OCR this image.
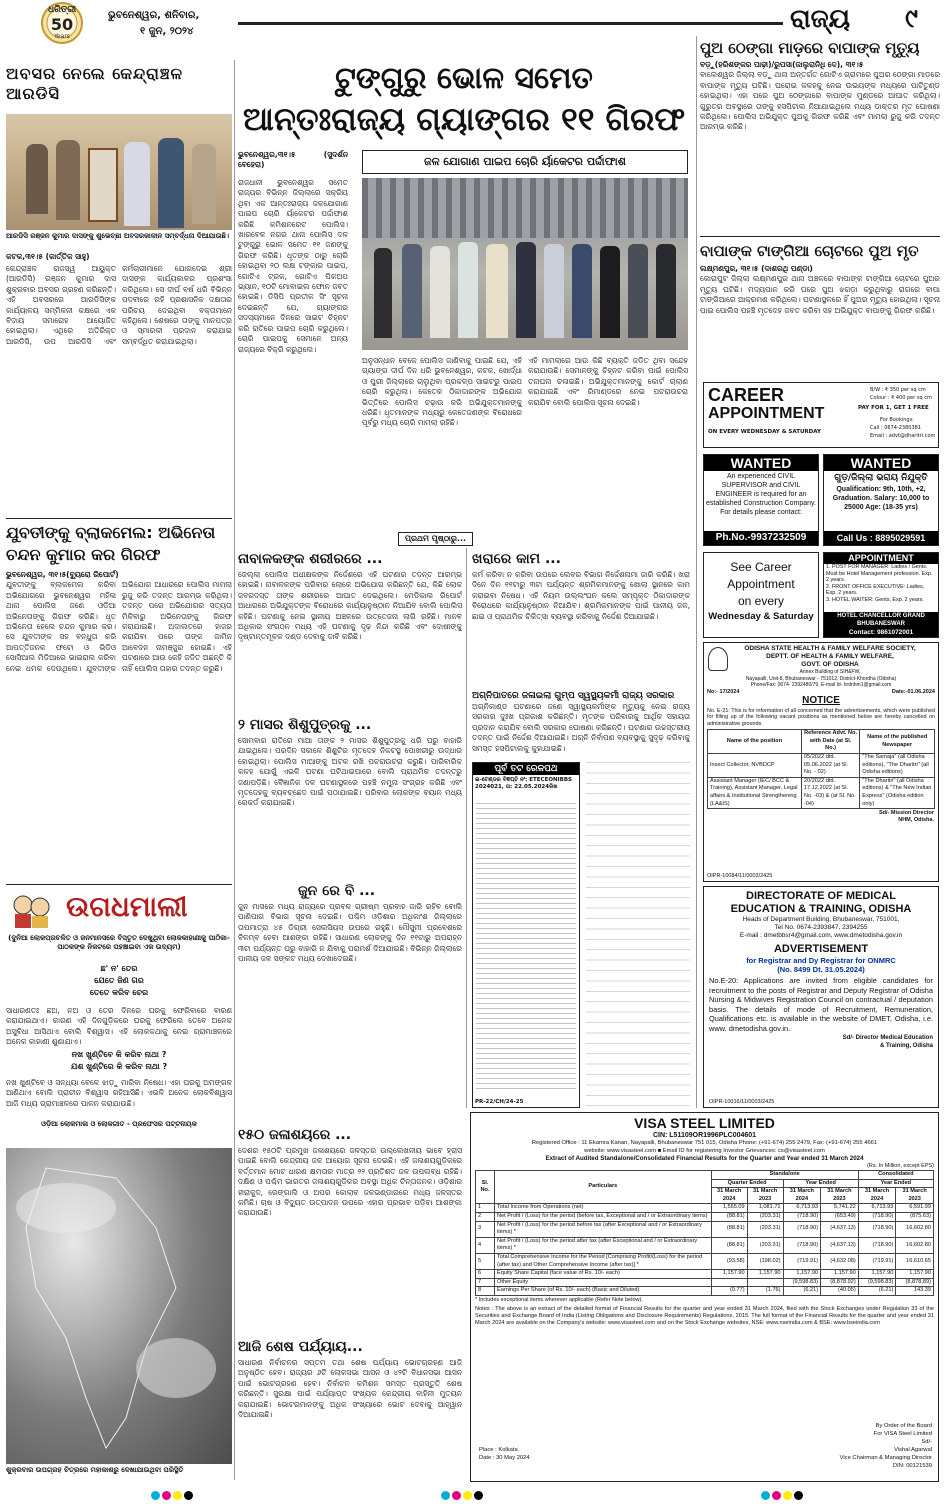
ଧରିତ୍ରୀ
50
Years
ଭୁବନେଶ୍ୱର, ଶନିବାର,
୧ ଜୁନ, ୨୦୨୪	ରାଜ୍ୟ ୯
ଅବସର ନେଲେ କେନ୍ଦ୍ରାଞ୍ଚଳ ଆରଡିସି
ଆରଡିସି ରଞ୍ଜନ କୁମାର ଦାସଙ୍କୁ ଶୁଭେଚ୍ଛା ଅବସରକାଳୀନ ସମ୍ବର୍ଦ୍ଧନା ଦିଆଯାଉଛି।
କଟକ,୩୧।୫ (କାର୍ତ୍ତିକ ସାହୁ)
କେନ୍ଦ୍ରାଞ୍ଚଳ ରାଜସ୍ୱ ଆୟୁକ୍ତ (ଆରଡିସି) ରଞ୍ଜନ କୁମାର ଦାସ ଶୁକ୍ରବାର ଅବସର ଗ୍ରହଣ କରିଛନ୍ତି। ଏହି ଅବସରରେ ଆରଡିସିଙ୍କ କାର୍ଯ୍ୟାଳୟ ସମ୍ମିଳନୀ କକ୍ଷରେ ଏକ ବିଦାୟ ସମାରୋହ ଆୟୋଜିତ ହୋଇଥିଲା। ଏଥିରେ ଅତିରିକ୍ତ ଆରଡିସି, ଉପ ଆରଡିସି ଏବଂ କର୍ମଚାରୀମାନେ ଯୋଗଦେଇ ଶ୍ରୀ ଦାସଙ୍କ କାର୍ଯ୍ୟକାଳର ପ୍ରଶଂସା କରିଥିଲେ। ସେ ଦୀର୍ଘ ବର୍ଷ ଧରି ବିଭିନ୍ନ ପଦବୀରେ ରହି ପ୍ରଶାସନିକ ଦକ୍ଷତାର ପରିଚୟ ଦେଇଥିବା ବକ୍ତାମାନେ କହିଥିଲେ। ଶେଷରେ ତାଙ୍କୁ ମାନପତ୍ର ଓ ସ୍ମାରକୀ ପ୍ରଦାନ କରାଯାଇ ସମ୍ବର୍ଦ୍ଧିତ କରାଯାଇଥିଲା।
ଟୁଙ୍ଗୁରୁ ଭୋଳ ସମେତ
ଆନ୍ତଃରାଜ୍ୟ ଗ୍ୟାଙ୍ଗର ୧୧ ଗିରଫ
ଭୁବନେଶ୍ୱର,୩୧।୫ (ସୁଦର୍ଶନ ବେହେରା)	ଜଳ ଯୋଗାଣ ପାଇପ ଚୋରି ର୍ୟାକେଟର ପର୍ଦ୍ଦାଫାଶ
ରାଜଧାନୀ ଭୁବନେଶ୍ୱର ସମେତ ରାଜ୍ୟର ବିଭିନ୍ନ ଜିଲ୍ଲାରେ ସକ୍ରିୟ ଥିବା ଏକ ଆନ୍ତଃରାଜ୍ୟ ଜଳଯୋଗାଣ ପାଇପ ଚୋରି ର୍ୟାକେଟର ପର୍ଦ୍ଦାଫାଶ କରିଛି କମିଶନରେଟ ପୋଲିସ। ଖାରବେଳ ନଗର ଥାନା ପୋଲିସ ଦଳ ଟୁଙ୍ଗୁରୁ ଭୋଳ ସମେତ ୧୧ ଜଣଙ୍କୁ ଗିରଫ କରିଛି। ଧୃତଙ୍କ ଠାରୁ ଚୋରି ହୋଇଥିବା ୨୦ ଲକ୍ଷ ଟଙ୍କାର ପାଇପ, ଗୋଟିଏ ଟ୍ରକ, ଗୋଟିଏ ପିକଅପ ଭ୍ୟାନ, ୧୦ଟି ମୋବାଇଲ ଫୋନ ଜବତ ହୋଇଛି। ଡିସିପି ପ୍ରତୀକ ସିଂ ସୂଚନା ଦେଇଛନ୍ତି ଯେ, ଗ୍ୟାଙ୍ଗର ସଦସ୍ୟମାନେ ଦିନରେ ସାଇଟ ଚିହ୍ନଟ କରି ରାତିରେ ପାଇପ ଚୋରି କରୁଥିଲେ। ଚୋରି ପାଇପକୁ ସେମାନେ ଅନ୍ୟ ରାଜ୍ୟରେ ବିକ୍ରି କରୁଥିଲେ।
ଅନୁସନ୍ଧାନ ବେଳେ ପୋଲିସ ଜାଣିବାକୁ ପାଇଛି ଯେ, ଏହି ଗ୍ୟାଙ୍ଗ ଦୀର୍ଘ ଦିନ ଧରି ଭୁବନେଶ୍ୱର, କଟକ, ଖୋର୍ଦ୍ଧା ଓ ପୁରୀ ଜିଲ୍ଲାରେ ଚାଲୁଥିବା ପ୍ରକଳ୍ପ ସାଇଟରୁ ପାଇପ ଚୋରି କରୁଥିଲା। କେତେକ ଠିକାଦାରଙ୍କ ଅଭିଯୋଗ ଭିତ୍ତିରେ ପୋଲିସ ଚଢ଼ାଉ କରି ଅଭିଯୁକ୍ତମାନଙ୍କୁ ଧରିଛି। ଧୃତମାନଙ୍କ ମଧ୍ୟରୁ କେତେଜଣଙ୍କ ବିରୋଧରେ ପୂର୍ବରୁ ମଧ୍ୟ ଚୋରି ମାମଲା ରହିଛି।
ଏହି ମାମଲାରେ ଆଉ କିଛି ବ୍ୟକ୍ତି ଜଡିତ ଥିବା ସନ୍ଦେହ କରାଯାଉଛି। ସେମାନଙ୍କୁ ଚିହ୍ନଟ କରିବା ପାଇଁ ପୋଲିସ ତନାଘନା ଚଳାଇଛି। ଅଭିଯୁକ୍ତମାନଙ୍କୁ କୋର୍ଟ ଚାଲାଣ କରାଯାଇଛି ଏବଂ ରିମାଣ୍ଡରେ ନେଇ ପଚରାଉଚରା କରାଯିବ ବୋଲି ପୋଲିସ ସୂଚନା ଦେଇଛି।
ପୁଅ ଠେଙ୍ଗା ମାଡ଼ରେ ବାପାଙ୍କ ମୃତ୍ୟୁ
ବଡ଼ୁ(ହରିଶଙ୍କର ପାଢ଼ୀ)/ରୁପସା(ଜାଲୁରାନିଧି ଦେ), ୩୧।୫
ବାଲେଶ୍ୱର ଜିଲ୍ଲା ବଡ଼ୁ ଥାନା ଅନ୍ତର୍ଗତ ଗୋଟିଏ ଗ୍ରାମରେ ପୁଅର ଠେଙ୍ଗା ମାଡ଼ରେ ବାପାଙ୍କ ମୃତ୍ୟୁ ଘଟିଛି। ଘରୋଇ କଳହକୁ ନେଇ ଉଭୟଙ୍କ ମଧ୍ୟରେ ପାଟିତୁଣ୍ଡ ହୋଇଥିଲା। ଏହା ପରେ ପୁଅ ଠେଙ୍ଗାରେ ବାପାଙ୍କ ମୁଣ୍ଡରେ ଆଘାତ କରିଥିଲା। ଗୁରୁତର ଅବସ୍ଥାରେ ତାଙ୍କୁ ହସପିଟାଲ ନିଆଯାଇଥିଲେ ମଧ୍ୟ ଡାକ୍ତର ମୃତ ଘୋଷଣା କରିଥିଲେ। ପୋଲିସ ଅଭିଯୁକ୍ତ ପୁଅକୁ ଗିରଫ କରିଛି ଏବଂ ମାମଲା ରୁଜୁ କରି ତଦନ୍ତ ଆରମ୍ଭ କରିଛି।
ବାପାଙ୍କ ଟାଙ୍ଗିଆ ଚୋଟରେ ପୁଅ ମୃତ
ଲକ୍ଷ୍ମଣପୁର, ୩୧।୫ (ଦାଶରଥି ପଣ୍ଡା)
କୋରାପୁଟ ଜିଲ୍ଲା ଲକ୍ଷ୍ମଣପୁର ଥାନା ଅଞ୍ଚଳରେ ବାପାଙ୍କ ଟାଙ୍ଗିଆ ଚୋଟରେ ପୁଅର ମୃତ୍ୟୁ ଘଟିଛି। ମଦ୍ୟପାନ କରି ଘରେ ପୁଅ ଝଗଡ଼ା କରୁଥିବାରୁ ରାଗରେ ବାପା ଟାଙ୍ଗିଆରେ ଆକ୍ରମଣ କରିଥିଲେ। ଘଟଣାସ୍ଥଳରେ ହିଁ ପୁଅର ମୃତ୍ୟୁ ହୋଇଥିଲା। ସୂଚନା ପାଇ ପୋଲିସ ପହଞ୍ଚି ମୃତଦେହ ଜବତ କରିବା ସହ ଅଭିଯୁକ୍ତ ବାପାଙ୍କୁ ଗିରଫ କରିଛି।
CAREER
APPOINTMENT
ON EVERY WEDNESDAY & SATURDAY
B/W : ₹ 350 per sq cm
Colour : ₹ 400 per sq cm
PAY FOR 1, GET 1 FREE
For Bookings:
Call : 0674-2380381
Email : advt@dharitri.com
WANTED
An experienced CIVIL SUPERVISOR and CIVIL ENGINEER is required for an established Construction Company. For details please contact:
Ph.No.-9937232509
WANTED
ଗୁଡ଼/ଜିଲ୍ଲା ଭରାୟ ନିଯୁକ୍ତି
Qualification: 9th, 10th, +2, Graduation. Salary: 10,000 to 25000 Age: (18-35 yrs)
Call Us : 8895029591
See Career
Appointment
on every
Wednesday & Saturday
APPOINTMENT
1. POST FOR MANAGER: Ladies / Gents. Must be Hotel Management profession. Exp. 2 years.
2. FRONT OFFICE EXECUTIVE: Ladies, Exp. 2 years.
3. HOTEL WAITER: Gents, Exp. 2 years.
HOTEL CHANCELLOR GRAND
BHUBANESWAR
Contact: 9861072001
ଯୁବତୀଙ୍କୁ ବ୍ଲାକମେଲ: ଅଭିନେତା
ଚନ୍ଦନ କୁମାର କର ଗିରଫ
ଭୁବନେଶ୍ୱର, ୩୧।୫(ବ୍ୟୁରୋ ରିପୋର୍ଟ)
ଯୁବତୀଙ୍କୁ ବ୍ଲାକମେଲ କରିବା ଅଭିଯୋଗରେ ଭୁବନେଶ୍ୱର ମହିଳା ଥାନା ପୋଲିସ ଜଣେ ଓଡ଼ିଆ ଅଭିନେତାଙ୍କୁ ଗିରଫ କରିଛି। ଧୃତ ଅଭିନେତା ହେଲେ ଚନ୍ଦନ କୁମାର କର। ସେ ଯୁବତୀଙ୍କ ସହ ବନ୍ଧୁତା କରି ଆପତ୍ତିଜନକ ଫଟୋ ଓ ଭିଡିଓ ସୋସିଆଲ ମିଡିଆରେ ଭାଇରାଲ କରିବା ନେଇ ଧମକ ଦେଉଥିଲେ। ଯୁବତୀଙ୍କ ଅଭିଯୋଗ ଆଧାରରେ ପୋଲିସ ମାମଲା ରୁଜୁ କରି ତଦନ୍ତ ଆରମ୍ଭ କରିଥିଲା। ତଦନ୍ତ ପରେ ଅଭିଯୋଗର ସତ୍ୟତା ମିଳିବାରୁ ଅଭିନେତାଙ୍କୁ ଗିରଫ କରାଯାଇଛି। ଅଦାଲତରେ ହାଜର କରାଯିବା ପରେ ତାଙ୍କ ଜାମିନ ଆବେଦନ ନାମଞ୍ଜୁର ହୋଇଛି। ଏହି ଘଟଣାରେ ଆଉ କେହି ଜଡିତ ଅଛନ୍ତି କି ନାହିଁ ପୋଲିସ ତାହାର ତଦନ୍ତ କରୁଛି।
ପ୍ରଥମ ପୃଷ୍ଠାରୁ...
ନାବାଳକଙ୍କ ଶରୀରରେ ...
ଜେଲ୍ଲା ପୋଲିସ ଅଧୀକ୍ଷକଙ୍କ ନିର୍ଦ୍ଦେଶରେ ଏହି ଘଟଣାର ତଦନ୍ତ ଆରମ୍ଭ ହୋଇଛି। ନାବାଳକଙ୍କ ପରିବାର ଲୋକେ ଅଭିଯୋଗ କରିଛନ୍ତି ଯେ, କିଛି ଲୋକ ଜବରଦସ୍ତ ତାଙ୍କ ଶରୀରରେ ଆଘାତ ଦେଇଥିଲେ। ମେଡିକାଲ ରିପୋର୍ଟ ଆଧାରରେ ଅଭିଯୁକ୍ତଙ୍କ ବିରୋଧରେ କାର୍ଯ୍ୟାନୁଷ୍ଠାନ ନିଆଯିବ ବୋଲି ପୋଲିସ କହିଛି। ଘଟଣାକୁ ନେଇ ସ୍ଥାନୀୟ ଅଞ୍ଚଳରେ ଉତ୍ତେଜନା ଲାଗି ରହିଛି। ମାନବ ଅଧିକାର ସଂଗଠନ ମଧ୍ୟ ଏହି ଘଟଣାକୁ ଦୃଢ଼ ନିନ୍ଦା କରିଛି ଏବଂ ଦୋଷୀଙ୍କୁ ଦୃଷ୍ଟାନ୍ତମୂଳକ ଦଣ୍ଡ ଦେବାକୁ ଦାବି କରିଛି।
୨ ମାସର ଶିଶୁପୁତ୍ରକୁ ...
ସୋମବାର ରାତିରେ ମାଆ ତାଙ୍କ ୨ ମାସର ଶିଶୁପୁତ୍ରକୁ ଧରି ଘରୁ ବାହାରି ଯାଇଥିଲେ। ପରଦିନ ସକାଳେ ଶିଶୁଟିର ମୃତଦେହ ନିକଟସ୍ଥ ପୋଖରୀରୁ ଉଦ୍ଧାର ହୋଇଥିଲା। ପୋଲିସ ମାଆଙ୍କୁ ଅଟକ ରଖି ପଚରାଉଚରା କରୁଛି। ପାରିବାରିକ କଳହ ଯୋଗୁଁ ଏଭଳି ଘଟଣା ଘଟିଥାଇପାରେ ବୋଲି ପ୍ରାଥମିକ ତଦନ୍ତରୁ ଜଣାପଡ଼ିଛି। ବୈଜ୍ଞାନିକ ଦଳ ଘଟଣାସ୍ଥଳରେ ପହଞ୍ଚି ନମୁନା ସଂଗ୍ରହ କରିଛି ଏବଂ ମୃତଦେହକୁ ବ୍ୟବଚ୍ଛେଦ ପାଇଁ ପଠାଯାଇଛି। ପରିବାର ଲୋକଙ୍କ ବୟାନ ମଧ୍ୟ ରେକର୍ଡ କରାଯାଇଛି।
ଜୁନ ରେ ବି ...
ଜୁନ ମାସରେ ମଧ୍ୟ ରାଜ୍ୟରେ ପ୍ରବଳ ଗ୍ରୀଷ୍ମ ପ୍ରବାହ ଜାରି ରହିବ ବୋଲି ପାଣିପାଗ ବିଭାଗ ସୂଚନା ଦେଇଛି। ପଶ୍ଚିମ ଓଡ଼ିଶାର ଅଧିକାଂଶ ଜିଲ୍ଲାରେ ତାପମାତ୍ରା ୪୫ ଡିଗ୍ରୀ ସେଲସିୟସ ଉପରେ ରହୁଛି। ମୌସୁମୀ ପ୍ରବେଶରେ ବିଳମ୍ବ ହେବା ଆଶଙ୍କା ରହିଛି। ସାଧାରଣ ଲୋକଙ୍କୁ ଦିନ ୧୧ଟାରୁ ଅପରାହ୍ନ ୩ଟା ପର୍ଯ୍ୟନ୍ତ ଘରୁ ବାହାରି ନ ଯିବାକୁ ପରାମର୍ଶ ଦିଆଯାଇଛି। ବିଭିନ୍ନ ଜିଲ୍ଲାରେ ପାନୀୟ ଜଳ ସଙ୍କଟ ମଧ୍ୟ ଦେଖାଦେଇଛି।
୧୫୦ ଜଳାଶୟରେ ...
ଦେଶର ୧୫୦ଟି ପ୍ରମୁଖ ଜଳାଶୟରେ ଜଳସ୍ତର ଉଲ୍ଲେଖନୀୟ ଭାବେ ହ୍ରାସ ପାଇଛି ବୋଲି କେନ୍ଦ୍ରୀୟ ଜଳ ଆୟୋଗ ସୂଚନା ଦେଇଛି। ଏହି ଜଳାଶୟଗୁଡ଼ିକରେ ବର୍ତ୍ତମାନ ମୋଟ ଧାରଣ କ୍ଷମତାର ମାତ୍ର ୨୨ ପ୍ରତିଶତ ଜଳ ଉପଲବ୍ଧ ରହିଛି। ଦକ୍ଷିଣ ଓ ପଶ୍ଚିମ ଭାରତର ଜଳାଶୟଗୁଡ଼ିକର ଅବସ୍ଥା ଅଧିକ ଚିନ୍ତାଜନକ। ଓଡ଼ିଶାର ହୀରାକୁଦ, ରେଙ୍ଗାଲି ଓ ଅପର କୋଲାବ ଜଳଭଣ୍ଡାରରେ ମଧ୍ୟ ଜଳସ୍ତର କମିଛି। ଚାଷ ଓ ବିଦ୍ୟୁତ ଉତ୍ପାଦନ ଉପରେ ଏହାର ପ୍ରଭାବ ପଡ଼ିବା ଆଶଙ୍କା କରାଯାଉଛି।
ଆଜି ଶେଷ ପର୍ଯ୍ୟାୟ...
ସାଧାରଣ ନିର୍ବାଚନର ସପ୍ତମ ତଥା ଶେଷ ପର୍ଯ୍ୟାୟ ଭୋଟଗ୍ରହଣ ଆଜି ଅନୁଷ୍ଠିତ ହେବ। ରାଜ୍ୟର ୬ଟି ଲୋକସଭା ଆସନ ଓ ୪୨ଟି ବିଧାନସଭା ଆସନ ପାଇଁ ଭୋଟଗ୍ରହଣ ହେବ। ନିର୍ବାଚନ କମିଶନ ସମସ୍ତ ପ୍ରସ୍ତୁତି ଶେଷ କରିଛନ୍ତି। ସୁରକ୍ଷା ପାଇଁ ପର୍ଯ୍ୟାପ୍ତ ସଂଖ୍ୟକ କେନ୍ଦ୍ରୀୟ ବାହିନୀ ମୁତୟନ କରାଯାଇଛି। ଭୋଟରମାନଙ୍କୁ ଅଧିକ ସଂଖ୍ୟାରେ ଭୋଟ ଦେବାକୁ ଆହ୍ୱାନ ଦିଆଯାଇଛି।
ଖରାରେ କାମ ...
କର୍ମ କରିବା ନ କରିବା ଉପରେ ଲେବର ବିଭାଗ ନିର୍ଦ୍ଦେଶନାମା ଜାରି କରିଛି। ଖରା ଦିନେ ଦିନ ୧୧ଟାରୁ ୩ଟା ପର୍ଯ୍ୟନ୍ତ ଶ୍ରମିକମାନଙ୍କୁ ଖୋଲା ସ୍ଥାନରେ କାମ କରାଇବା ନିଷେଧ। ଏହି ନିୟମ ଉଲ୍ଲଂଘନ କଲେ ସମ୍ପୃକ୍ତ ଠିକାଦାରଙ୍କ ବିରୋଧରେ କାର୍ଯ୍ୟାନୁଷ୍ଠାନ ନିଆଯିବ। ଶ୍ରମିକମାନଙ୍କ ପାଇଁ ପାନୀୟ ଜଳ, ଛାଇ ଓ ପ୍ରାଥମିକ ଚିକିତ୍ସା ବ୍ୟବସ୍ଥା କରିବାକୁ ନିର୍ଦ୍ଦେଶ ଦିଆଯାଇଛି।
ଅଗ୍ନିପାତରେ ଜଳାଇଲା ଗୁମ୍ପ ସ୍ୱସ୍ଥ୍ୟକର୍ମୀ ରାଜ୍ୟ ସରକାର
ଅଗ୍ନିକାଣ୍ଡ ଘଟଣାରେ ଜଣେ ସ୍ୱାସ୍ଥ୍ୟକର୍ମୀଙ୍କ ମୃତ୍ୟୁକୁ ନେଇ ରାଜ୍ୟ ସରକାର ଦୁଃଖ ପ୍ରକାଶ କରିଛନ୍ତି। ମୃତଙ୍କ ପରିବାରକୁ ଆର୍ଥିକ ସହାୟତା ପ୍ରଦାନ କରାଯିବ ବୋଲି ସରକାର ଘୋଷଣା କରିଛନ୍ତି। ଘଟଣାର ଉଚ୍ଚସ୍ତରୀୟ ତଦନ୍ତ ପାଇଁ ନିର୍ଦ୍ଦେଶ ଦିଆଯାଇଛି। ଅଗ୍ନି ନିର୍ବାପଣ ବ୍ୟବସ୍ଥାକୁ ସୁଦୃଢ଼ କରିବାକୁ ସମସ୍ତ ହସପିଟାଲକୁ କୁହାଯାଇଛି।
ପୂର୍ବ ତଟ ରେଳପଥ
ଇ-ଟେଣ୍ଡର ବିଜ୍ଞପ୍ତି ନଂ: ETECEONIBBS 2024021, ତା: 22.05.2024ରିଖ
PR-22/CH/24-25
ଉଗଧମାଲୀ
(ଦୁନିଆ ଲୋକପ୍ରଚଳିତ ଓ ଜନମାନସରେ ବିସ୍ତୃତ ଦେଖୁଥିବା ଲୋକକାହାଣୀକୁ ପାଠିକା-ପାଠକଙ୍କ ନିକଟରେ ପହଞ୍ଚାଇବା ଏକ ଉଦ୍ୟମ)
ଛ' ନ' ତେର
ଯେତେ ଜିଣ ଗର
ତେତେ କରିବ ଚେର
ସାଧାରଣତଃ ଛଅ, ନଅ ଓ ତେର ଦିନରେ ଘରକୁ ଫେରିବାରେ ବାରଣ କରାଯାଇଥାଏ। କାରଣ ଏହି ଦିନଗୁଡ଼ିକରେ ଘରକୁ ଫେରିଲେ ତେବେ ଅନେକ ଅସୁବିଧା ଆସିଥାଏ ବୋଲି ବିଶ୍ୱାସ। ଏହି ଲୋକକଥାକୁ ନେଇ ଗ୍ରାମାଞ୍ଚଳରେ ଅନେକ କାହାଣୀ ଶୁଣାଯାଏ।
ନଖ ଖୁଣ୍ଟିବେ କି କରିବ ନାଥା ?
ଯଶ ଖୁଣ୍ଟିରେ କି କରିବ ନାଥା ?
ନଖ ଖୁଣ୍ଟିବେ ଓ ସନ୍ଧ୍ୟା ବେଳେ ଝାଡ଼ୁ ମାରିବା ନିଷେଧ। ଏହା ଘରକୁ ଅମଙ୍ଗଳ ଆଣିଥାଏ ବୋଲି ପ୍ରାଚୀନ ବିଶ୍ୱାସ ରହିଆସିଛି। ଏଭଳି ଅନେକ ଲୋକବିଶ୍ୱାସ ଆଜି ମଧ୍ୟ ଗ୍ରାମାଞ୍ଚଳରେ ପାଳନ କରାଯାଉଛି।
ଓଡ଼ିଆ ଲୋକମାଳା ଓ ଲୋକଗୀତ - ପ୍ରଫେସର ପଟ୍ଟନାୟକ
ଶୁକ୍ରବାର ଉପଗ୍ରହ ଚିତ୍ରରେ ମହାକାଶରୁ ଦେଖାଯାଉଥିବା ପରିସ୍ଥିତି
ODISHA STATE HEALTH & FAMILY WELFARE SOCIETY,
DEPTT. OF HEALTH & FAMILY WELFARE,
GOVT. OF ODISHA
Annex Building of SIH&FW,
Nayapalli, Unit-8, Bhubaneswar - 751012, District-Khordha (Odisha)
Phone/Fax: 0674- 2392480/79, E-mail Id- hrdnhm1@gmail.com
No:- 17/2024	Date:-01.06.2024
NOTICE
No. E-21: This is for information of all concerned that the advertisements, which were published for filling up of the following vacant positions as mentioned below are hereby cancelled on administrative grounds.
Name of the position	Reference Advt. No. with Date (at Sl. No.)	Name of the published Newspaper
Insect Collector, NVBDCP	05/2022 dtd. 05.06.2022 (at Sl. No. - 02)	"The Samaja" (all Odisha editions), "The Dharitri" (all Odisha editions)
Assistant Manager (IEC/ BCC & Training), Assistant Manager, Legal affairs & Institutional Strengthening (LA&IS)	20/2022 dtd. 17.12.2022 (at Sl. No. -03) & (at Sl. No. -04)	"The Dharitri" (all Odisha editions) & "The New Indian Express" (Odisha edition only)
Sd/- Mission Director
NHM, Odisha.
OIPR-10084/11/0003/2425
DIRECTORATE OF MEDICAL
EDUCATION & TRAINING, ODISHA
Heads of Department Building, Bhubaneswar, 751001,
Tel No. 0674-2393847, 2394255
E-mail : dmetbbsr4@gmail.com, www.dmetodisha.gov.in
ADVERTISEMENT
for Registrar and Dy Registrar for ONMRC
(No. 8499 Dt. 31.05.2024)
No.E-20: Applications are invited from eligible candidates for recruitment to the posts of Registrar and Deputy Registrar of Odisha Nursing & Midwives Registration Council on contractual / deputation basis. The details of mode of Recruitment, Remuneration, Qualifications etc. is available in the website of DMET, Odisha, i.e. www. dmetodisha.gov.in.
Sd/- Director Medical Education
& Training, Odisha
OIPR-10016/11/0003/2425
VISA STEEL LIMITED
CIN: L51109OR1996PLC004601
Registered Office : 11 Ekamra Kanan, Nayapalli, Bhubaneswar 751 015, Odisha Phone: (+91-674) 255 2479, Fax: (+91-674) 255 4661
website: www.visasteel.com ■ Email ID for registering Investor Grievances: cs@visasteel.com
Extract of Audited Standalone/Consolidated Financial Results for the Quarter and Year ended 31 March 2024
(Rs. In Million, except EPS)
Sl. No.	Particulars	Standalone				Consolidated	
		Quarter Ended		Year Ended		Year Ended	
		31 March 2024	31 March 2023	31 March 2024	31 March 2023	31 March 2024	31 March 2023
1	Total Income from Operations (net)	1,565.09	1,081.71	6,713.93	5,741.22	6,713.93	6,591.99
2	Net Profit / (Loss) for the period (before tax, Exceptional and / or Extraordinary items)	(88.81)	(203.31)	(718.90)	(653.49)	(718.90)	(875.63)
3	Net Profit / (Loss) for the period before tax (after Exceptional and / or Extraordinary items) *	(88.81)	(203.31)	(718.90)	(4,637.13)	(718.90)	16,602.80
4	Net Profit / (Loss) for the period after tax (after Exceptional and / or Extraordinary items) *	(88.81)	(203.31)	(718.90)	(4,637.13)	(718.90)	16,602.80
5	Total Comprehensive Income for the Period [Comprising Profit/(Loss) for the period (after tax) and Other Comprehensive Income (after tax)] *	(93.58)	(198.02)	(719.91)	(4,632.08)	(719.91)	16,610.65
6	Equity Share Capital (face value of Rs. 10/- each)	1,157.90	1,157.90	1,157.90	1,157.90	1,157.90	1,157.90
7	Other Equity			(9,598.83)	(8,878.92)	(9,598.83)	(8,878.89)
8	Earnings Per Share (of Rs. 10/- each) (Basic and Diluted)	(0.77)	(1.76)	(6.21)	(40.05)	(6.21)	143.39
* Includes exceptional items wherever applicable (Refer Note below).
Notes : The above is an extract of the detailed format of Financial Results for the quarter and year ended 31 March 2024, filed with the Stock Exchanges under Regulation 33 of the Securities and Exchange Board of India (Listing Obligations and Disclosure Requirements) Regulations, 2015. The full format of the Financial Results for the quarter and year ended 31 March 2024 are available on the Company's website: www.visasteel.com and on the Stock Exchange websites, NSE: www.nseindia.com & BSE: www.bseindia.com
By Order of the Board
For VISA Steel Limited
Sd/-
Vishal Agarwal
Vice Chairman & Managing Director
DIN: 00121539
Place : Kolkata
Date : 30 May 2024
